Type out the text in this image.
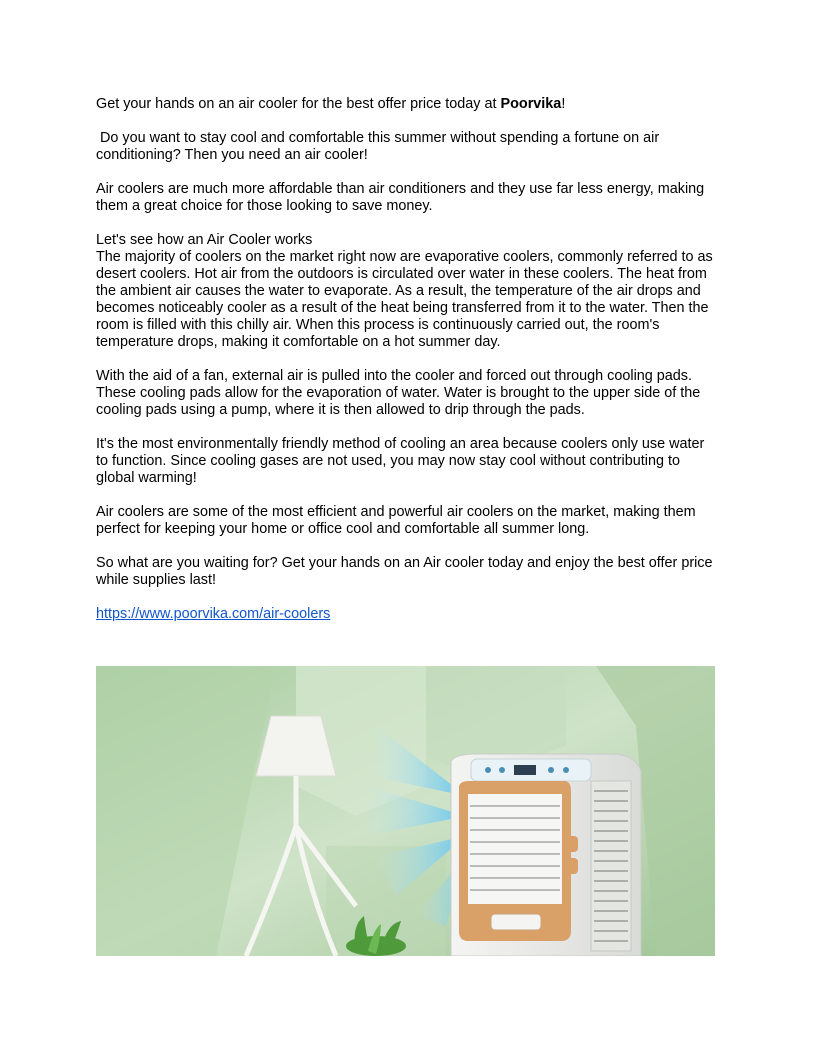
Get your hands on an air cooler for the best offer price today at Poorvika!

Do you want to stay cool and comfortable this summer without spending a fortune on air conditioning? Then you need an air cooler!

Air coolers are much more affordable than air conditioners and they use far less energy, making them a great choice for those looking to save money.

Let's see how an Air Cooler works
The majority of coolers on the market right now are evaporative coolers, commonly referred to as desert coolers. Hot air from the outdoors is circulated over water in these coolers. The heat from the ambient air causes the water to evaporate. As a result, the temperature of the air drops and becomes noticeably cooler as a result of the heat being transferred from it to the water. Then the room is filled with this chilly air. When this process is continuously carried out, the room's temperature drops, making it comfortable on a hot summer day.

With the aid of a fan, external air is pulled into the cooler and forced out through cooling pads. These cooling pads allow for the evaporation of water. Water is brought to the upper side of the cooling pads using a pump, where it is then allowed to drip through the pads.

It's the most environmentally friendly method of cooling an area because coolers only use water to function. Since cooling gases are not used, you may now stay cool without contributing to global warming!

Air coolers are some of the most efficient and powerful air coolers on the market, making them perfect for keeping your home or office cool and comfortable all summer long.

So what are you waiting for? Get your hands on an Air cooler today and enjoy the best offer price while supplies last!

https://www.poorvika.com/air-coolers
